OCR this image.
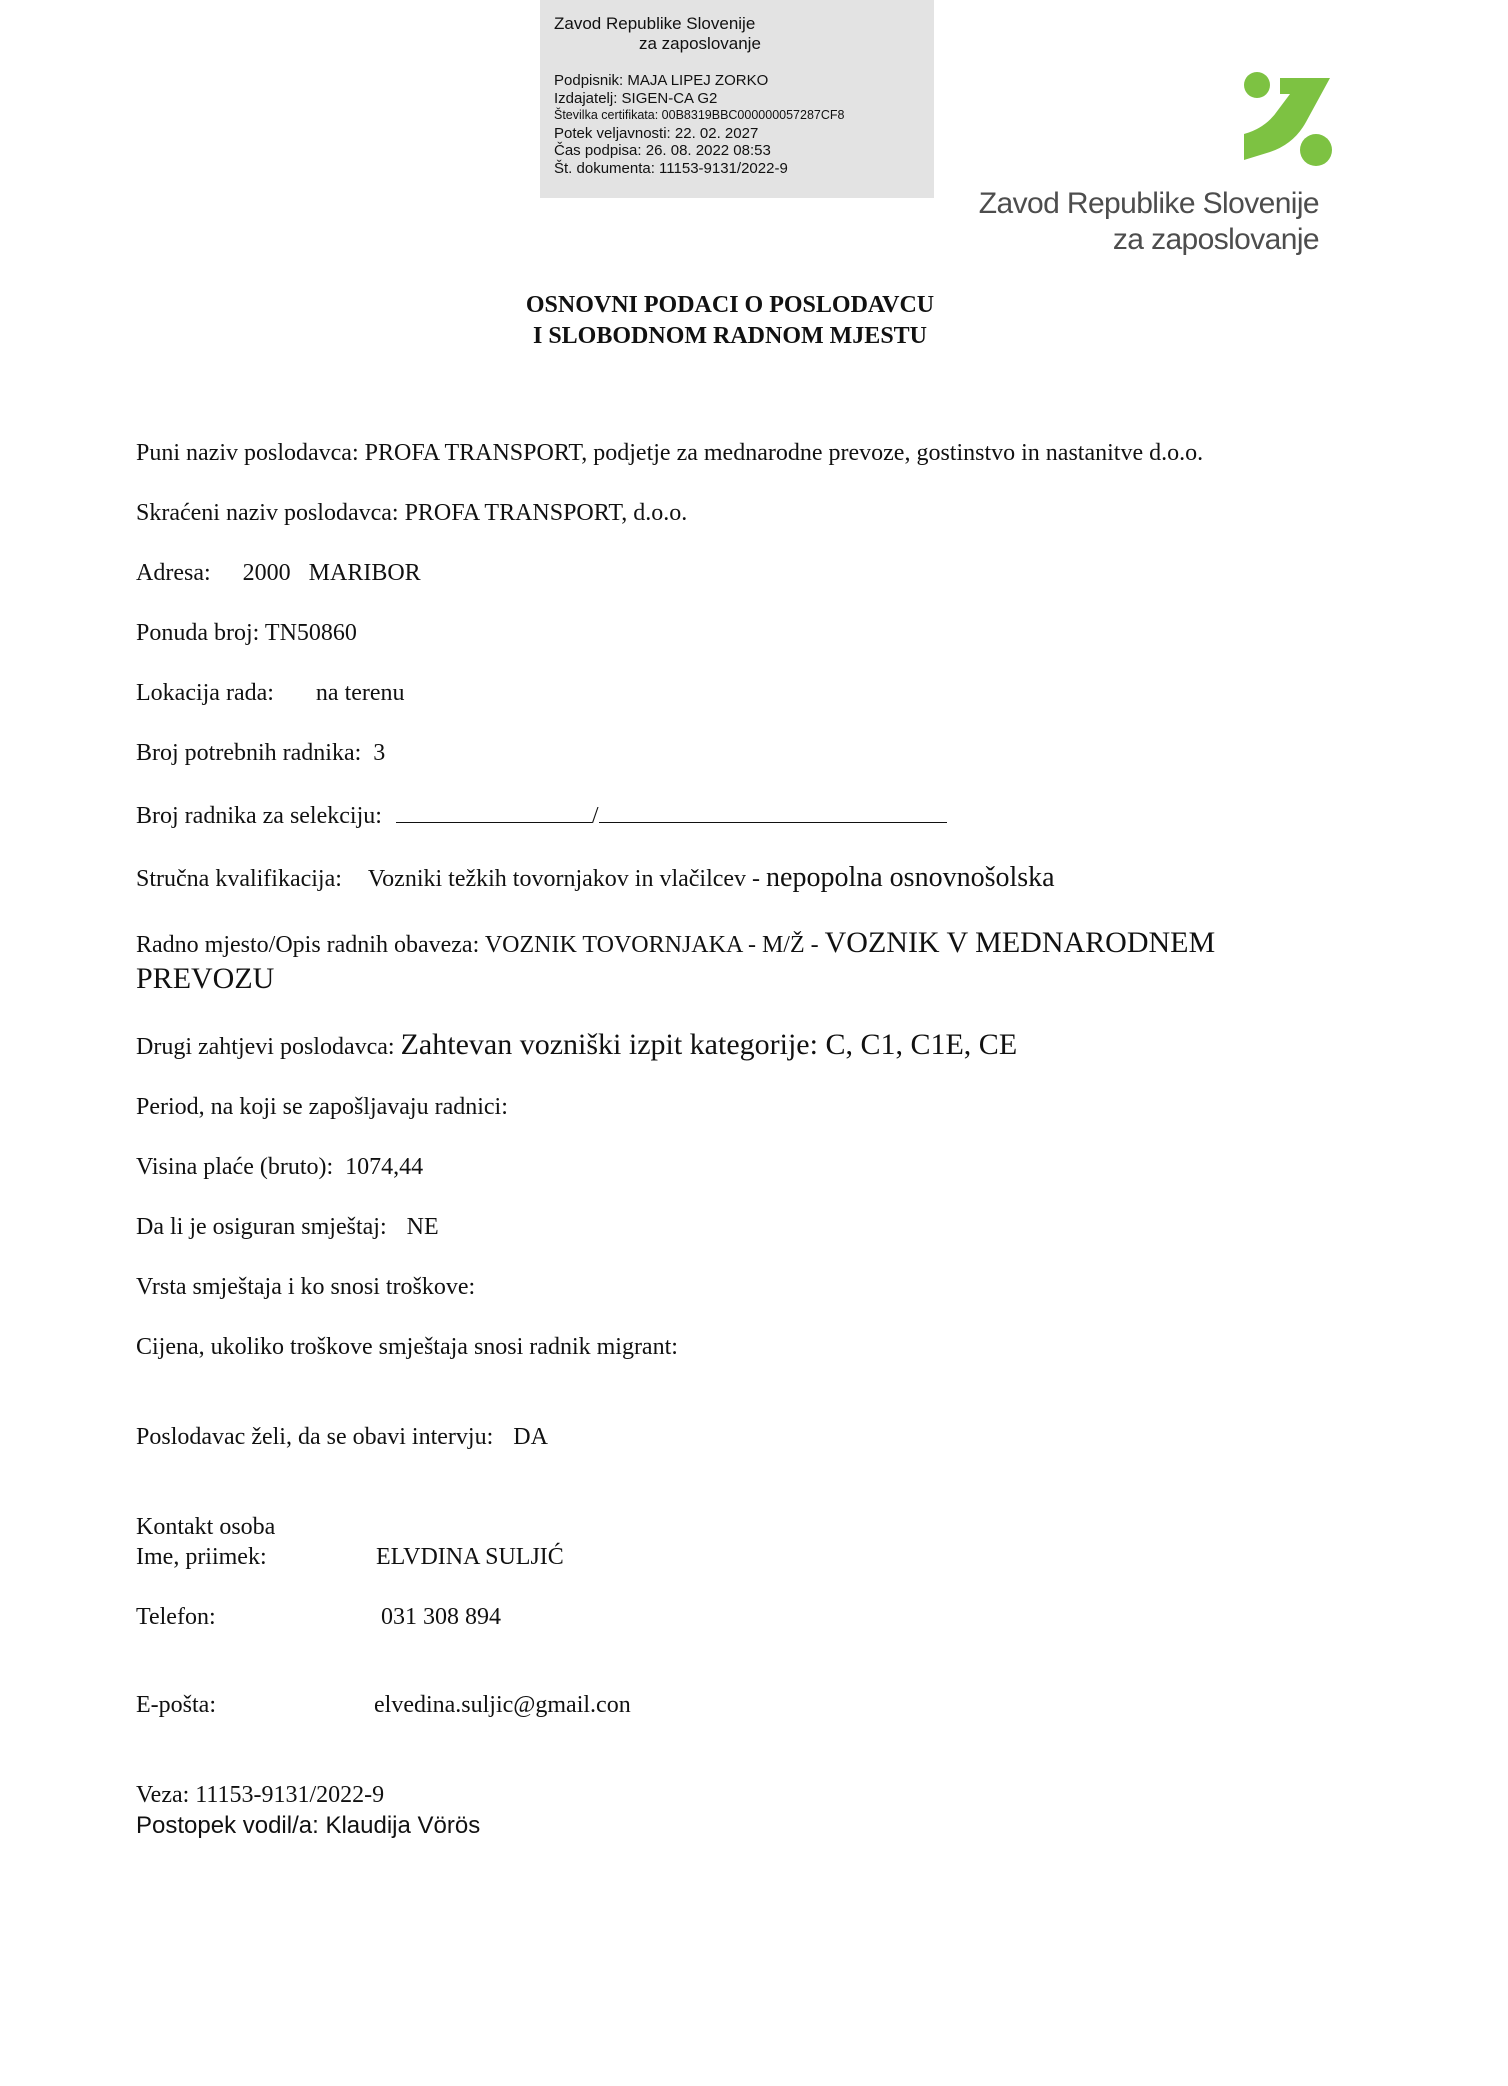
Zavod Republike Slovenije
za zaposlovanje
Podpisnik: MAJA LIPEJ ZORKO
Izdajatelj: SIGEN-CA G2
Številka certifikata: 00B8319BBC000000057287CF8
Potek veljavnosti: 22. 02. 2027
Čas podpisa: 26. 08. 2022 08:53
Št. dokumenta: 11153-9131/2022-9
Zavod Republike Slovenije
za zaposlovanje
OSNOVNI PODACI O POSLODAVCU
I SLOBODNOM RADNOM MJESTU
Puni naziv poslodavca: PROFA TRANSPORT, podjetje za mednarodne prevoze, gostinstvo in nastanitve d.o.o.
Skraćeni naziv poslodavca: PROFA TRANSPORT, d.o.o.
Adresa: 2000 MARIBOR
Ponuda broj: TN50860
Lokacija rada: na terenu
Broj potrebnih radnika: 3
Broj radnika za selekciju:	/
Stručna kvalifikacija: Vozniki težkih tovornjakov in vlačilcev - nepopolna osnovnošolska
Radno mjesto/Opis radnih obaveza: VOZNIK TOVORNJAKA - M/Ž - VOZNIK V MEDNARODNEM
PREVOZU
Drugi zahtjevi poslodavca: Zahtevan vozniški izpit kategorije: C, C1, C1E, CE
Period, na koji se zapošljavaju radnici:
Visina plaće (bruto): 1074,44
Da li je osiguran smještaj: NE
Vrsta smještaja i ko snosi troškove:
Cijena, ukoliko troškove smještaja snosi radnik migrant:
Poslodavac želi, da se obavi intervju: DA
Kontakt osoba
Ime, priimek:	ELVDINA SULJIĆ
Telefon:	031 308 894
E-pošta:	elvedina.suljic@gmail.con
Veza: 11153-9131/2022-9
Postopek vodil/a: Klaudija Vörös
